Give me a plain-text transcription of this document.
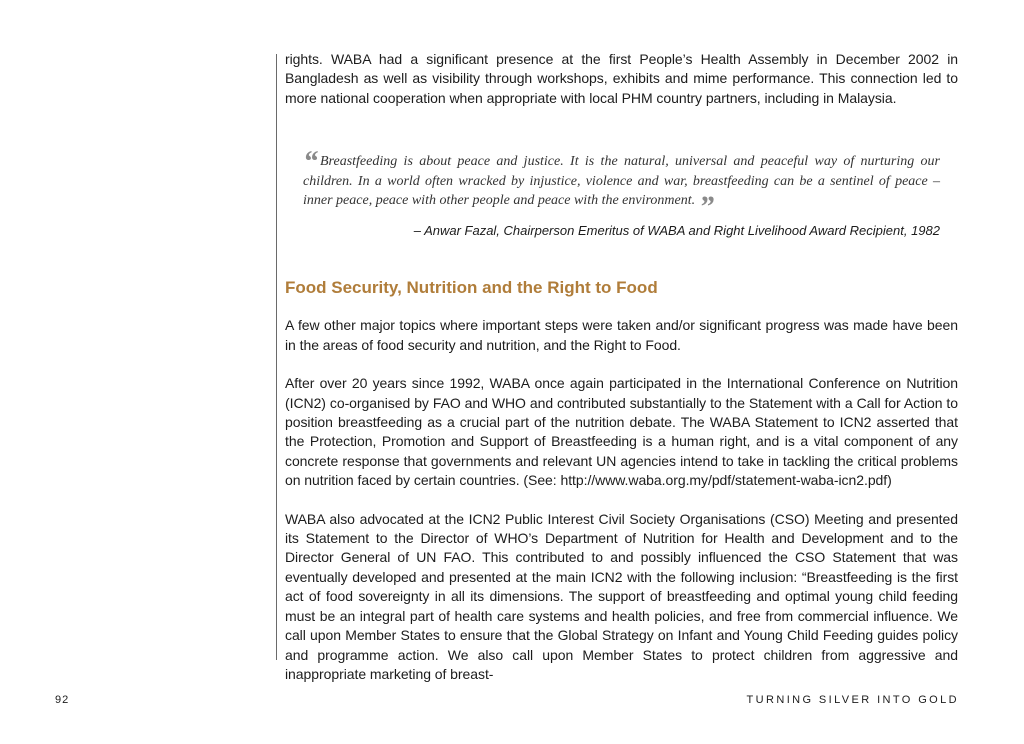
rights. WABA had a significant presence at the first People’s Health Assembly in December 2002 in Bangladesh as well as visibility through workshops, exhibits and mime performance. This connection led to more national cooperation when appropriate with local PHM country partners, including in Malaysia.

“ Breastfeeding is about peace and justice. It is the natural, universal and peaceful way of nurturing our children. In a world often wracked by injustice, violence and war, breastfeeding can be a sentinel of peace – inner peace, peace with other people and peace with the environment. ”

– Anwar Fazal, Chairperson Emeritus of WABA and Right Livelihood Award Recipient, 1982

Food Security, Nutrition and the Right to Food

A few other major topics where important steps were taken and/or significant progress was made have been in the areas of food security and nutrition, and the Right to Food.

After over 20 years since 1992, WABA once again participated in the International Conference on Nutrition (ICN2) co-organised by FAO and WHO and contributed substantially to the Statement with a Call for Action to position breastfeeding as a crucial part of the nutrition debate. The WABA Statement to ICN2 asserted that the Protection, Promotion and Support of Breastfeeding is a human right, and is a vital component of any concrete response that governments and relevant UN agencies intend to take in tackling the critical problems on nutrition faced by certain countries. (See: http://www.waba.org.my/pdf/statement-waba-icn2.pdf)

WABA also advocated at the ICN2 Public Interest Civil Society Organisations (CSO) Meeting and presented its Statement to the Director of WHO’s Department of Nutrition for Health and Development and to the Director General of UN FAO. This contributed to and possibly influenced the CSO Statement that was eventually developed and presented at the main ICN2 with the following inclusion: “Breastfeeding is the first act of food sovereignty in all its dimensions. The support of breastfeeding and optimal young child feeding must be an integral part of health care systems and health policies, and free from commercial influence. We call upon Member States to ensure that the Global Strategy on Infant and Young Child Feeding guides policy and programme action. We also call upon Member States to protect children from aggressive and inappropriate marketing of breast-

92	TURNING SILVER INTO GOLD
